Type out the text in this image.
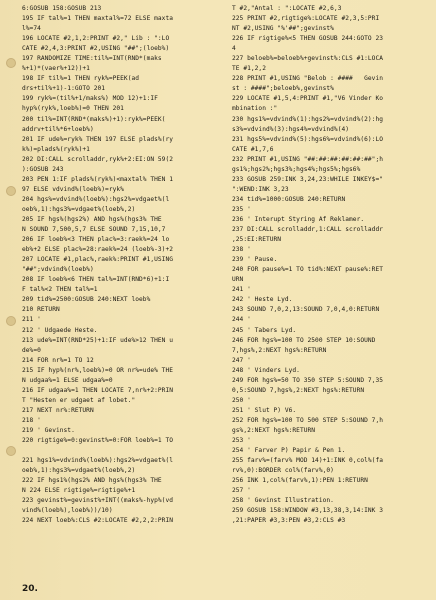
6:GOSUB 158:GOSUB 213
195 IF tal%=1 THEN maxtal%=72 ELSE maxta
l%=74
196 LOCATE #2,1,2:PRINT #2," Lib : ":LO
CATE #2,4,3:PRINT #2,USING "##";(loeb%)
197 RANDOMIZE TIME:til%=INT(RND*(maks
%+1)*(vaer%+12))+1
198 IF til%=1 THEN ryk%=PEEK(ad
drs+til%+1)-1:GOTO 201
199 ryk%=(til%+1/maks%) MOD 12)+1:IF
hyp%(ryk%,loeb%)=0 THEN 201
200 til%=INT(RND*(maks%)+1):ryk%=PEEK(
addrv+til%*6+loeb%)
201 IF ude%=ryk% THEN 197 ELSE plads%(ry
k%)=plads%(ryk%)+1
202 DI:CALL scrolladdr,ryk%+2:EI:ON 59(2
):GOSUB 243
203 PEN 1:IF plads%(ryk%)<maxtal% THEN 1
97 ELSE vdvind%(loeb%)=ryk%
204 hgs%=vdvind%(loeb%):hgs2%=vdgaet%(l
oeb%,1):hgs3%=vdgaet%(loeb%,2)
205 IF hgs%(hgs2%) AND hgs%(hgs3% THE
N SOUND 7,500,5,7 ELSE SOUND 7,15,10,7
206 IF loeb%<3 THEN plac%=3:raek%=24 lo
eb%+2 ELSE plac%=28:raek%=24 (loeb%-3)+2
207 LOCATE #1,plac%,raek%:PRINT #1,USING
"##";vdvind%(loeb%)
208 IF loeb%<6 THEN tal%=INT(RND*6)+1:I
F tal%<2 THEN tal%=1
209 tid%=2500:GOSUB 240:NEXT loeb%
210 RETURN
211 '
212 ' Udgaede Heste.
213 ude%=INT(RND*25)+1:IF ude%>12 THEN u
de%=0
214 FOR nr%=1 TO 12
215 IF hyp%(nr%,loeb%)=0 OR nr%=ude% THE
N udgaa%=1 ELSE udgaa%=0
216 IF udgaa%=1 THEN LOCATE 7,nr%+2:PRIN
T "Hesten er udgaet af lobet."
217 NEXT nr%:RETURN
218 '
219 ' Gevinst.
220 rigtige%=0:gevinst%=0:FOR loeb%=1 TO
221 hgs1%=vdvind%(loeb%):hgs2%=vdgaet%(l
oeb%,1):hgs3%=vdgaet%(loeb%,2)
222 IF hgs1%(hgs2% AND hgs%(hgs3% THE
N 224 ELSE rigtige%=rigtige%+1
223 gevinst%=gevinst%+INT((maks%-hyp%(vd
vind%(loeb%),loeb%))/10)
224 NEXT loeb%:CLS #2:LOCATE #2,2,2:PRIN
T #2,"Antal : ":LOCATE #2,6,3
225 PRINT #2,rigtige%:LOCATE #2,3,5:PRI
NT #2,USING "%'##";gevinst%
226 IF rigtige%<5 THEN GOSUB 244:GOTO 23
4
227 beloeb%=beloeb%+gevinst%:CLS #1:LOCA
TE #1,2,2
228 PRINT #1,USING "Belob : ####   Gevin
st : ####";beloeb%,gevinst%
229 LOCATE #1,5,4:PRINT #1,"V6 Vinder Ko
mbination :"
230 hgs1%=vdvind%(1):hgs2%=vdvind%(2):hg
s3%=vdvind%(3):hgs4%=vdvind%(4)
231 hgs5%=vdvind%(5):hgs6%=vdvind%(6):LO
CATE #1,7,6
232 PRINT #1,USING "##:##:##:##:##:##";h
gs1%;hgs2%;hgs3%;hgs4%;hgs5%;hgs6%
233 GOSUB 259:INK 3,24,23:WHILE INKEY$="
":WEND:INK 3,23
234 tid%=1000:GOSUB 240:RETURN
235 '
236 ' Interupt Styring Af Reklamer.
237 DI:CALL scrolladdr,1:CALL scrolladdr
,25:EI:RETURN
238 '
239 ' Pause.
240 FOR pause%=1 TO tid%:NEXT pause%:RET
URN
241 '
242 ' Heste Lyd.
243 SOUND 7,0,2,13:SOUND 7,0,4,0:RETURN
244 '
245 ' Tabers Lyd.
246 FOR hgs%=100 TO 2500 STEP 10:SOUND
7,hgs%,2:NEXT hgs%:RETURN
247 '
248 ' Vinders Lyd.
249 FOR hgs%=50 TO 350 STEP 5:SOUND 7,35
0,5:SOUND 7,hgs%,2:NEXT hgs%:RETURN
250 '
251 ' Slut P) V6.
252 FOR hgs%=100 TO 500 STEP 5:SOUND 7,h
gs%,2:NEXT hgs%:RETURN
253 '
254 ' Farver P) Papir & Pen 1.
255 farv%=(farv% MOD 14)+1:INK 0,col%(fa
rv%,0):BORDER col%(farv%,0)
256 INK 1,col%(farv%,1):PEN 1:RETURN
257 '
258 ' Gevinst Illustration.
259 GOSUB 158:WINDOW #3,13,38,3,14:INK 3
,21:PAPER #3,3:PEN #3,2:CLS #3
20.
